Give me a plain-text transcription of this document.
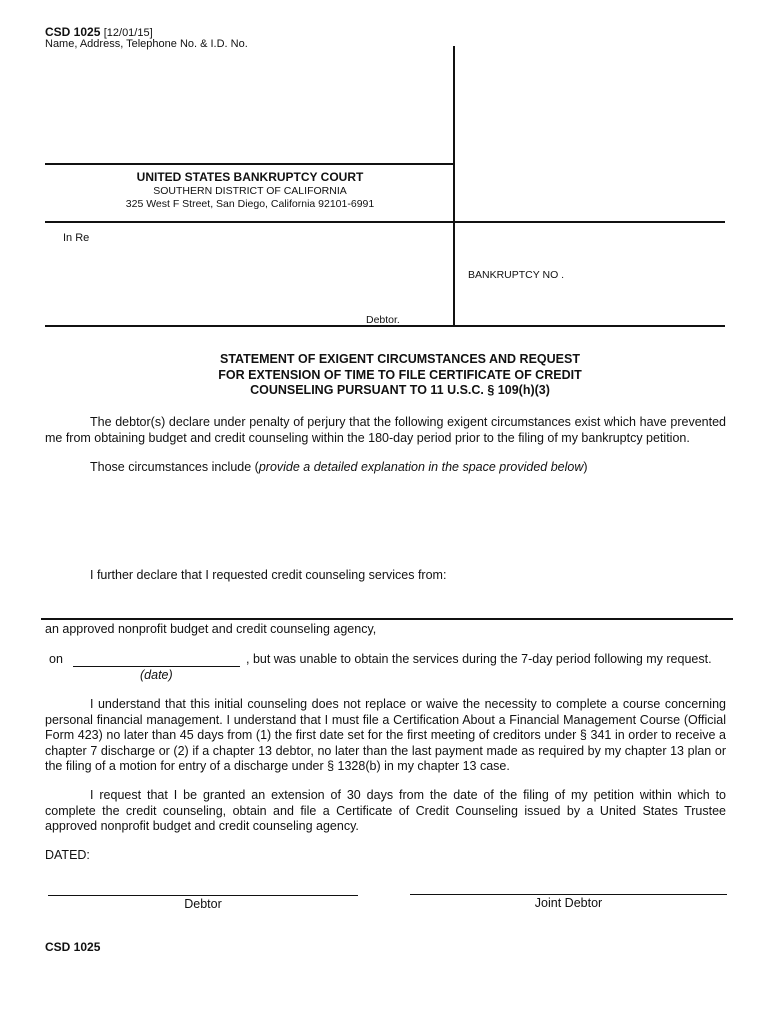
CSD 1025 [12/01/15]
Name, Address, Telephone No. & I.D. No.
UNITED STATES BANKRUPTCY COURT
SOUTHERN DISTRICT OF CALIFORNIA
325 West F Street, San Diego, California 92101-6991
In Re
BANKRUPTCY NO .
Debtor.
STATEMENT OF EXIGENT CIRCUMSTANCES AND REQUEST
FOR EXTENSION OF TIME TO FILE CERTIFICATE OF CREDIT
COUNSELING PURSUANT TO 11 U.S.C. § 109(h)(3)
The debtor(s) declare under penalty of perjury that the following exigent circumstances exist which have prevented me from obtaining budget and credit counseling within the 180-day period prior to the filing of my bankruptcy petition.
Those circumstances include (provide a detailed explanation in the space provided below)
I further declare that I requested credit counseling services from:
an approved nonprofit budget and credit counseling agency,
on	, but was unable to obtain the services during the 7-day period following my request.
(date)
I understand that this initial counseling does not replace or waive the necessity to complete a course concerning personal financial management. I understand that I must file a Certification About a Financial Management Course (Official Form 423) no later than 45 days from (1) the first date set for the first meeting of creditors under § 341 in order to receive a chapter 7 discharge or (2) if a chapter 13 debtor, no later than the last payment made as required by my chapter 13 plan or the filing of a motion for entry of a discharge under § 1328(b) in my chapter 13 case.
I request that I be granted an extension of 30 days from the date of the filing of my petition within which to complete the credit counseling, obtain and file a Certificate of Credit Counseling issued by a United States Trustee approved nonprofit budget and credit counseling agency.
DATED:
Debtor	Joint Debtor
CSD 1025
